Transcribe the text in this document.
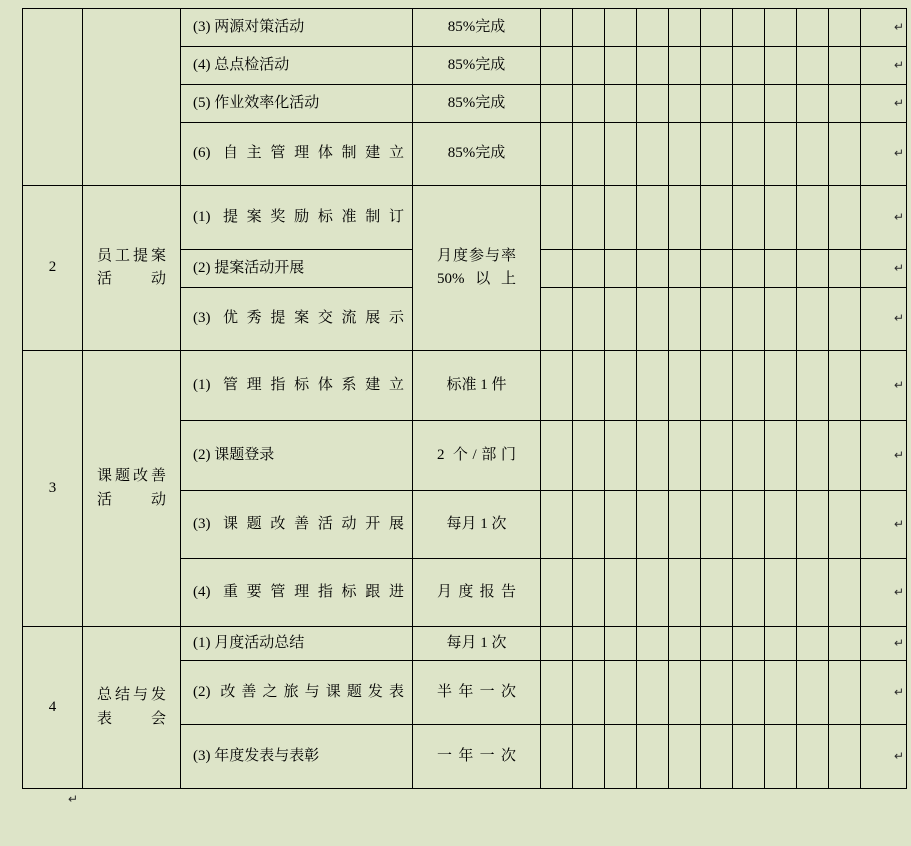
		(3) 两源对策活动	85%完成											↵

		(4) 总点检活动	85%完成											↵

		(5) 作业效率化活动	85%完成											↵

		(6) 自主管理体制建立	85%完成											↵

2	员工提案活动	(1) 提案奖励标准制订	月度参与率 50%以上											↵

		(2) 提案活动开展												↵

		(3) 优秀提案交流展示												↵

3	课题改善活动	(1) 管理指标体系建立	标准 1 件											↵

		(2) 课题登录	2 个/部门											↵

		(3) 课题改善活动开展	每月 1 次											↵

		(4) 重要管理指标跟进	月度报告											↵

4	总结与发表会	(1) 月度活动总结	每月 1 次											↵

		(2) 改善之旅与课题发表	半年一次											↵

		(3) 年度发表与表彰	一年一次											↵
↵
